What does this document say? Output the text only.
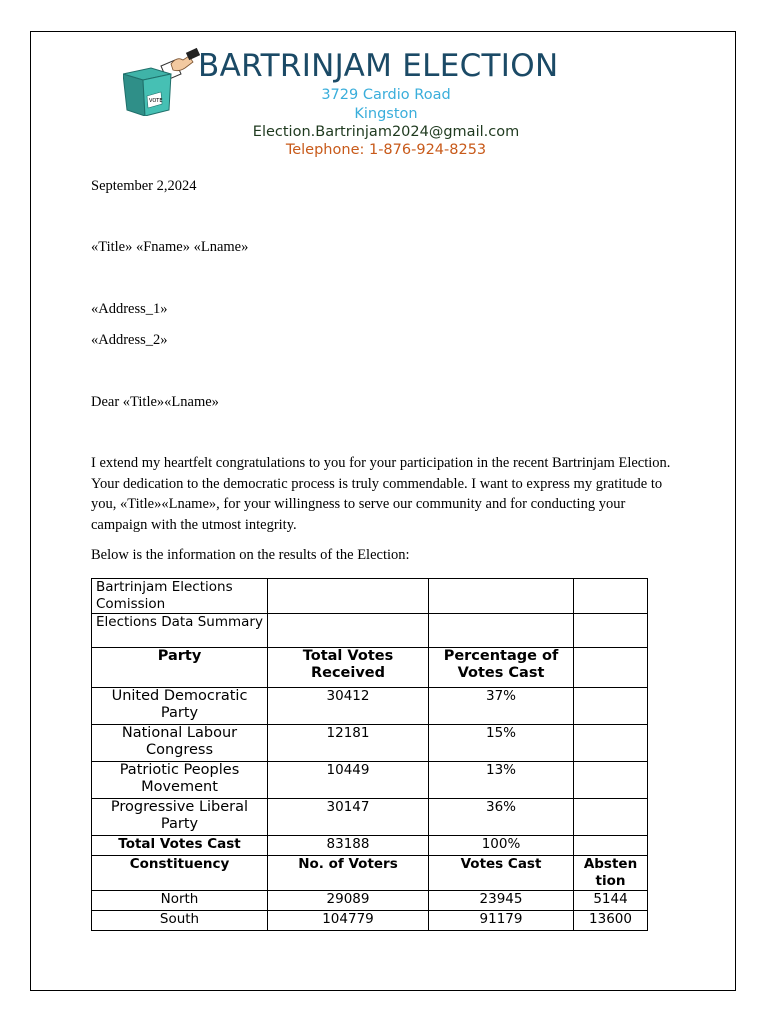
VOTE
BARTRINJAM ELECTION
3729 Cardio Road
Kingston
Election.Bartrinjam2024@gmail.com
Telephone: 1-876-924-8253
September 2,2024
«Title» «Fname» «Lname»
«Address_1»
«Address_2»
Dear «Title»«Lname»
I extend my heartfelt congratulations to you for your participation in the recent Bartrinjam Election. Your dedication to the democratic process is truly commendable. I want to express my gratitude to you, «Title»«Lname», for your willingness to serve our community and for conducting your campaign with the utmost integrity.
Below is the information on the results of the Election:
Bartrinjam Elections Comission			
Elections Data Summary			
Party	Total Votes Received	Percentage of Votes Cast	
United Democratic Party	30412	37%	
National Labour Congress	12181	15%	
Patriotic Peoples Movement	10449	13%	
Progressive Liberal Party	30147	36%	
Total Votes Cast	83188	100%	
Constituency	No. of Voters	Votes Cast	Absten tion
North	29089	23945	5144
South	104779	91179	13600
